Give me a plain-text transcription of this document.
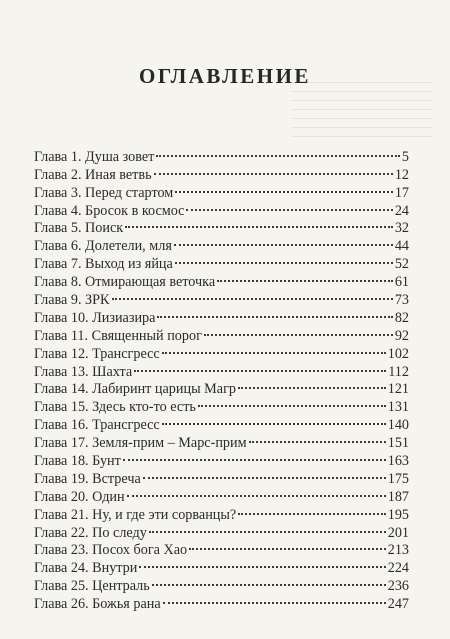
ОГЛАВЛЕНИЕ
Глава 1. Душа зовет	5
Глава 2. Иная ветвь	12
Глава 3. Перед стартом	17
Глава 4. Бросок в космос	24
Глава 5. Поиск	32
Глава 6. Долетели, мля	44
Глава 7. Выход из яйца	52
Глава 8. Отмирающая веточка	61
Глава 9. ЗРК	73
Глава 10. Лизиазира	82
Глава 11. Священный порог	92
Глава 12. Трансгресс	102
Глава 13. Шахта	112
Глава 14. Лабиринт царицы Магр	121
Глава 15. Здесь кто-то есть	131
Глава 16. Трансгресс	140
Глава 17. Земля-прим – Марс-прим	151
Глава 18. Бунт	163
Глава 19. Встреча	175
Глава 20. Один	187
Глава 21. Ну, и где эти сорванцы?	195
Глава 22. По следу	201
Глава 23. Посох бога Хао	213
Глава 24. Внутри	224
Глава 25. Централь	236
Глава 26. Божья рана	247
